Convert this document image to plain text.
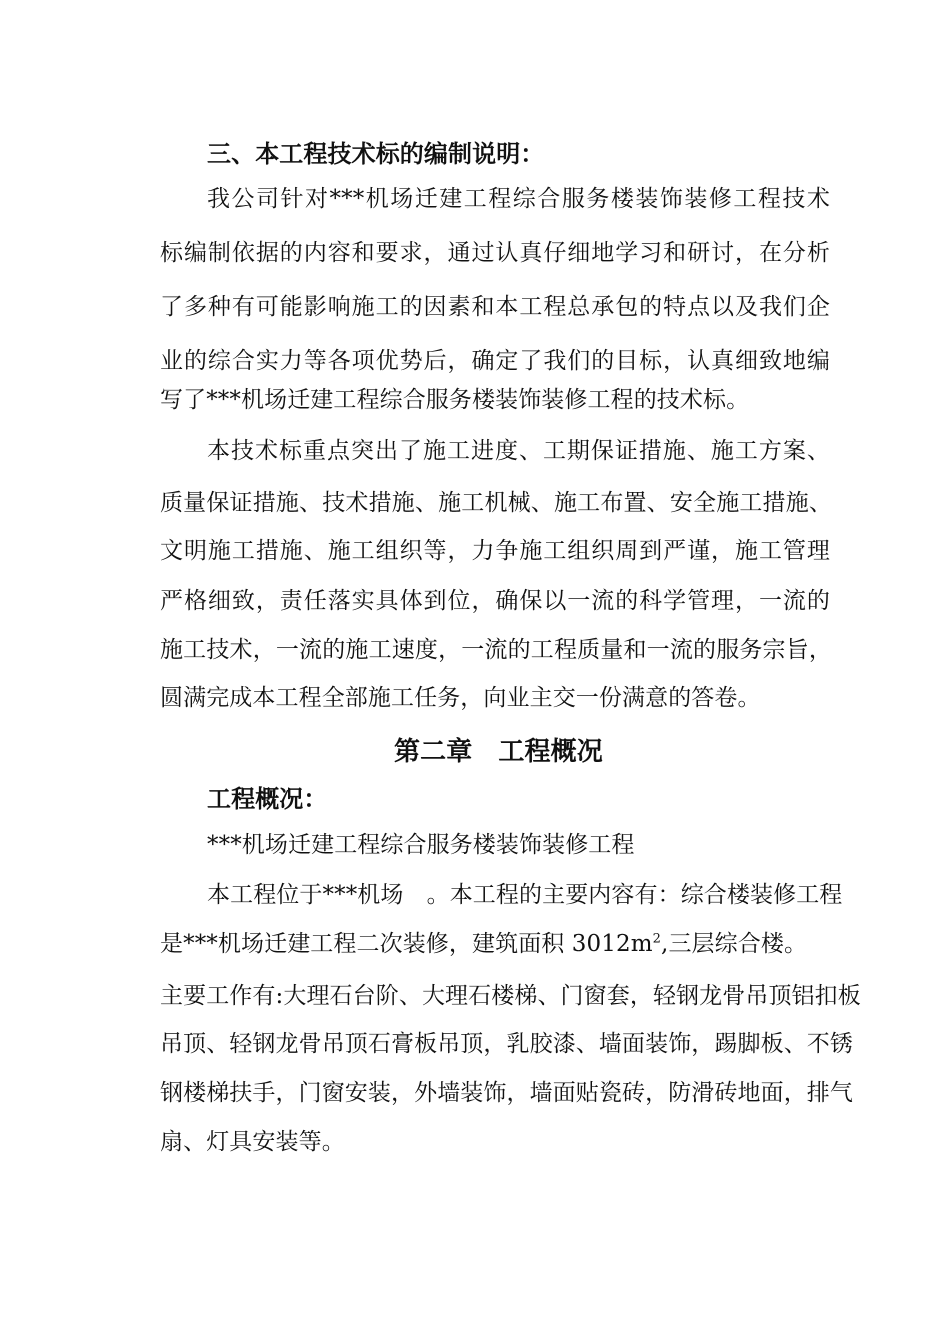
三、本工程技术标的编制说明：
我公司针对***机场迁建工程综合服务楼装饰装修工程技术
标编制依据的内容和要求，通过认真仔细地学习和研讨，在分析
了多种有可能影响施工的因素和本工程总承包的特点以及我们企
业的综合实力等各项优势后，确定了我们的目标，认真细致地编
写了***机场迁建工程综合服务楼装饰装修工程的技术标。
本技术标重点突出了施工进度、工期保证措施、施工方案、
质量保证措施、技术措施、施工机械、施工布置、安全施工措施、
文明施工措施、施工组织等，力争施工组织周到严谨，施工管理
严格细致，责任落实具体到位，确保以一流的科学管理，一流的
施工技术，一流的施工速度，一流的工程质量和一流的服务宗旨，
圆满完成本工程全部施工任务，向业主交一份满意的答卷。
第二章　工程概况
工程概况：
***机场迁建工程综合服务楼装饰装修工程
本工程位于***机场　。本工程的主要内容有：综合楼装修工程
是***机场迁建工程二次装修，建筑面积 $3012m^2$,三层综合楼。
主要工作有:大理石台阶、大理石楼梯、门窗套，轻钢龙骨吊顶铝扣板
吊顶、轻钢龙骨吊顶石膏板吊顶，乳胶漆、墙面装饰，踢脚板、不锈
钢楼梯扶手，门窗安装，外墙装饰，墙面贴瓷砖，防滑砖地面，排气
扇、灯具安装等。
